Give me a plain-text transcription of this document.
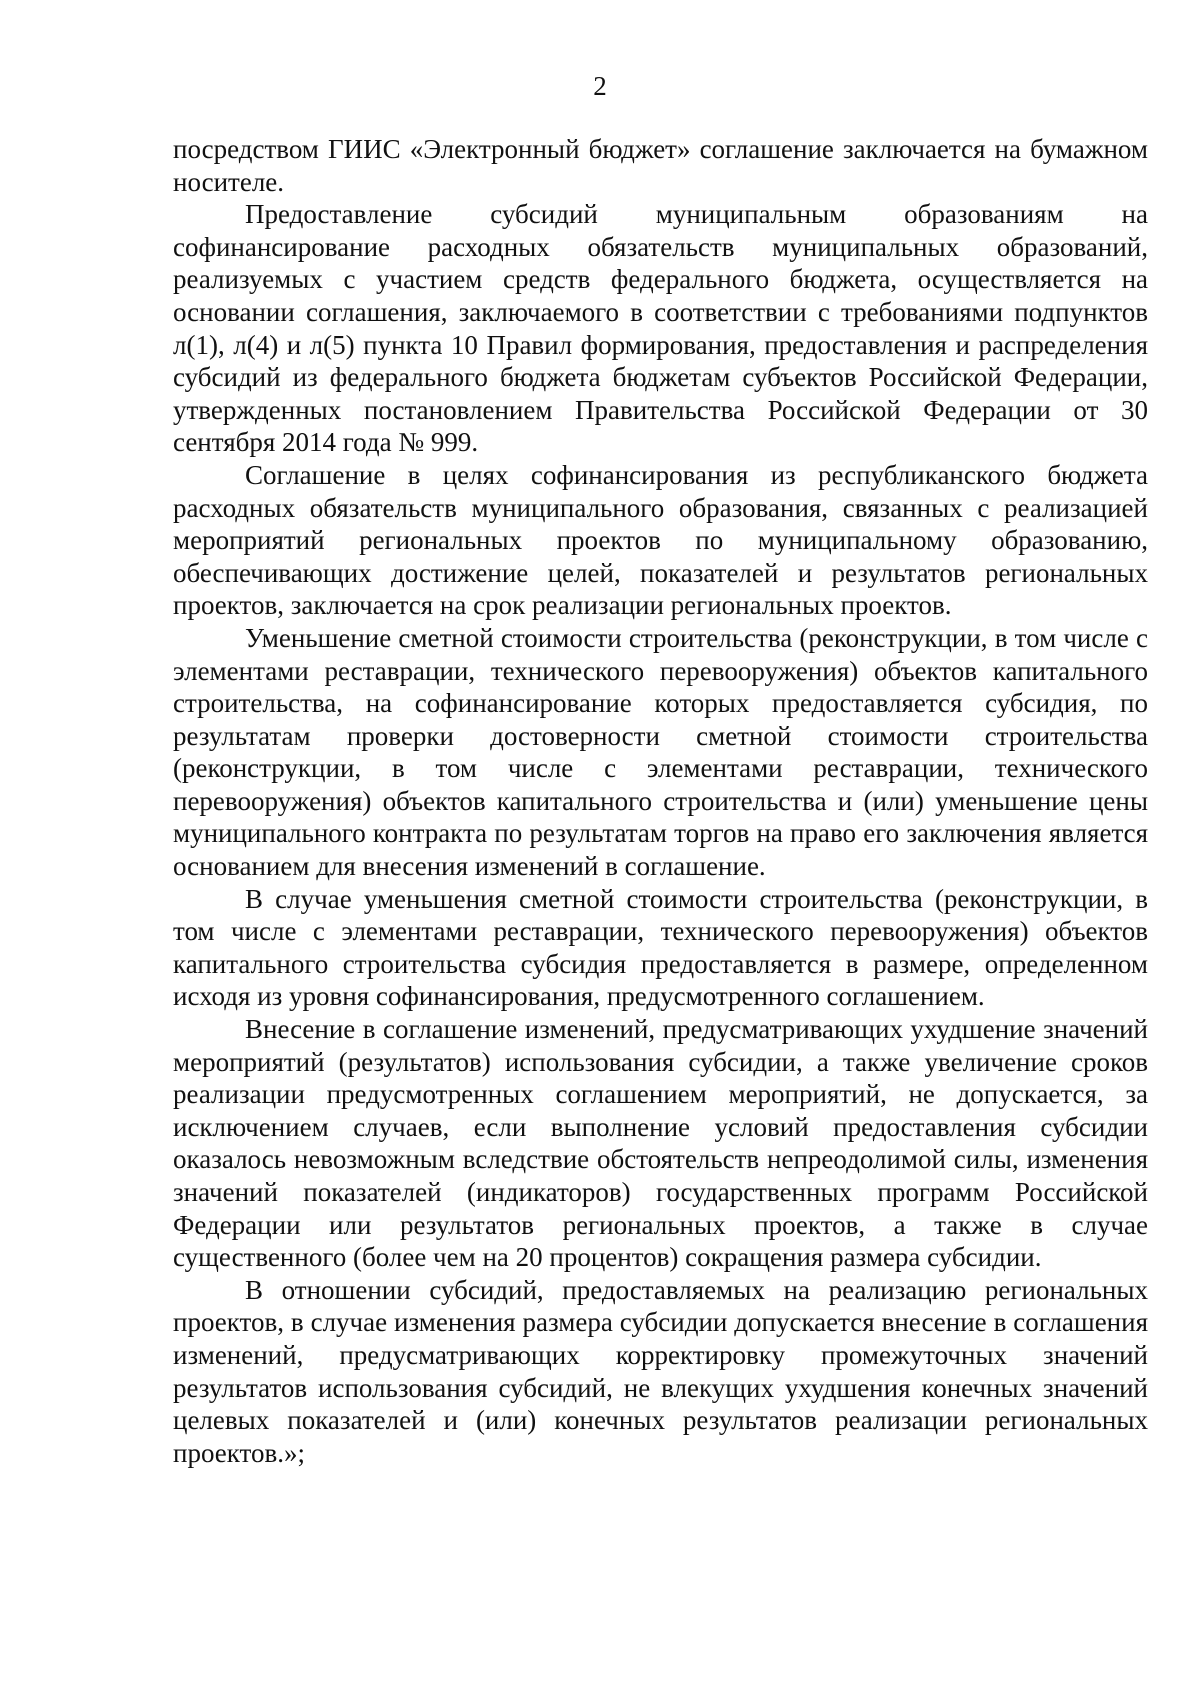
2

посредством ГИИС «Электронный бюджет» соглашение заключается на бумажном носителе.

Предоставление субсидий муниципальным образованиям на софинансирование расходных обязательств муниципальных образований, реализуемых с участием средств федерального бюджета, осуществляется на основании соглашения, заключаемого в соответствии с требованиями подпунктов л(1), л(4) и л(5) пункта 10 Правил формирования, предоставления и распределения субсидий из федерального бюджета бюджетам субъектов Российской Федерации, утвержденных постановлением Правительства Российской Федерации от 30 сентября 2014 года № 999.

Соглашение в целях софинансирования из республиканского бюджета расходных обязательств муниципального образования, связанных с реализацией мероприятий региональных проектов по муниципальному образованию, обеспечивающих достижение целей, показателей и результатов региональных проектов, заключается на срок реализации региональных проектов.

Уменьшение сметной стоимости строительства (реконструкции, в том числе с элементами реставрации, технического перевооружения) объектов капитального строительства, на софинансирование которых предоставляется субсидия, по результатам проверки достоверности сметной стоимости строительства (реконструкции, в том числе с элементами реставрации, технического перевооружения) объектов капитального строительства и (или) уменьшение цены муниципального контракта по результатам торгов на право его заключения является основанием для внесения изменений в соглашение.

В случае уменьшения сметной стоимости строительства (реконструкции, в том числе с элементами реставрации, технического перевооружения) объектов капитального строительства субсидия предоставляется в размере, определенном исходя из уровня софинансирования, предусмотренного соглашением.

Внесение в соглашение изменений, предусматривающих ухудшение значений мероприятий (результатов) использования субсидии, а также увеличение сроков реализации предусмотренных соглашением мероприятий, не допускается, за исключением случаев, если выполнение условий предоставления субсидии оказалось невозможным вследствие обстоятельств непреодолимой силы, изменения значений показателей (индикаторов) государственных программ Российской Федерации или результатов региональных проектов, а также в случае существенного (более чем на 20 процентов) сокращения размера субсидии.

В отношении субсидий, предоставляемых на реализацию региональных проектов, в случае изменения размера субсидии допускается внесение в соглашения изменений, предусматривающих корректировку промежуточных значений результатов использования субсидий, не влекущих ухудшения конечных значений целевых показателей и (или) конечных результатов реализации региональных проектов.»;
